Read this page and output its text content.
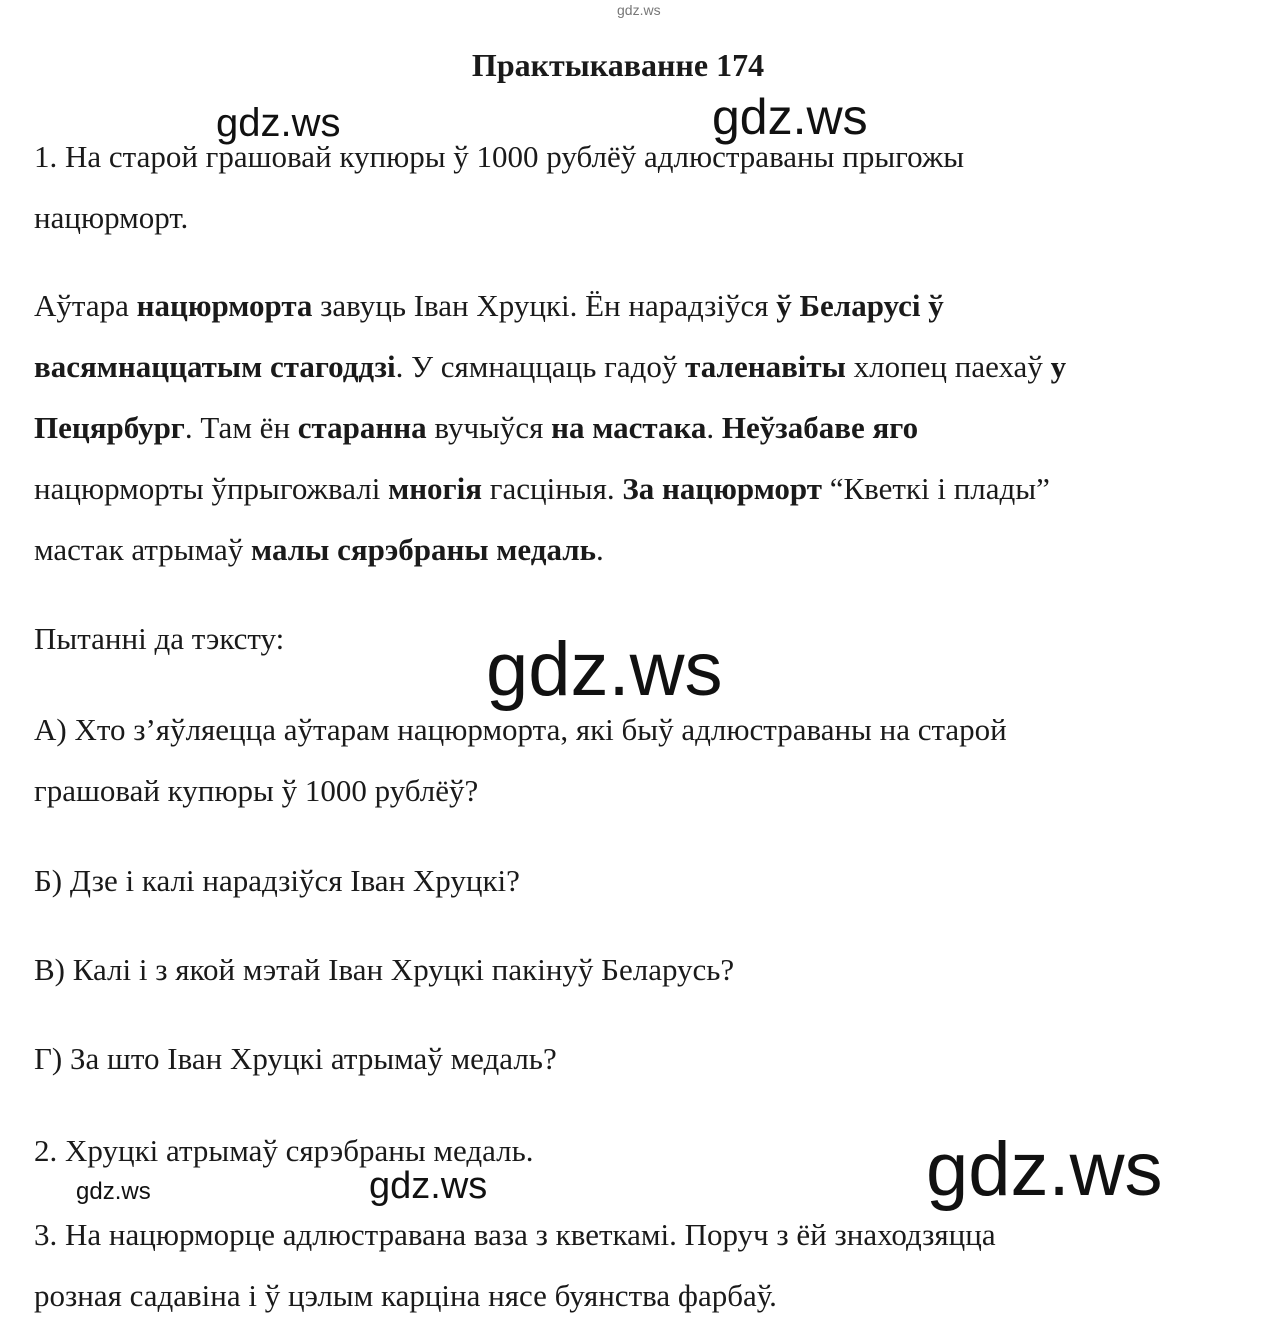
gdz.ws
Практыкаванне 174

1. На старой грашовай купюры ў 1000 рублёў адлюстраваны прыгожы
нацюрморт.

Аўтара нацюрморта завуць Іван Хруцкі. Ён нарадзіўся ў Беларусі ў
васямнаццатым стагоддзі. У сямнаццаць гадоў таленавіты хлопец паехаў у
Пецярбург. Там ён старанна вучыўся на мастака. Неўзабаве яго
нацюрморты ўпрыгожвалі многія гасціныя. За нацюрморт “Кветкі і плады”
мастак атрымаў малы сярэбраны медаль.

Пытанні да тэксту:

А) Хто з’яўляецца аўтарам нацюрморта, які быў адлюстраваны на старой
грашовай купюры ў 1000 рублёў?

Б) Дзе і калі нарадзіўся Іван Хруцкі?

В) Калі і з якой мэтай Іван Хруцкі пакінуў Беларусь?

Г) За што Іван Хруцкі атрымаў медаль?

2. Хруцкі атрымаў сярэбраны медаль.

3. На нацюрморце адлюстравана ваза з кветкамі. Поруч з ёй знаходзяцца
розная садавіна і ў цэлым карціна нясе буянства фарбаў.

gdz.ws	gdz.ws
gdz.ws
gdz.ws
gdz.ws	gdz.ws
